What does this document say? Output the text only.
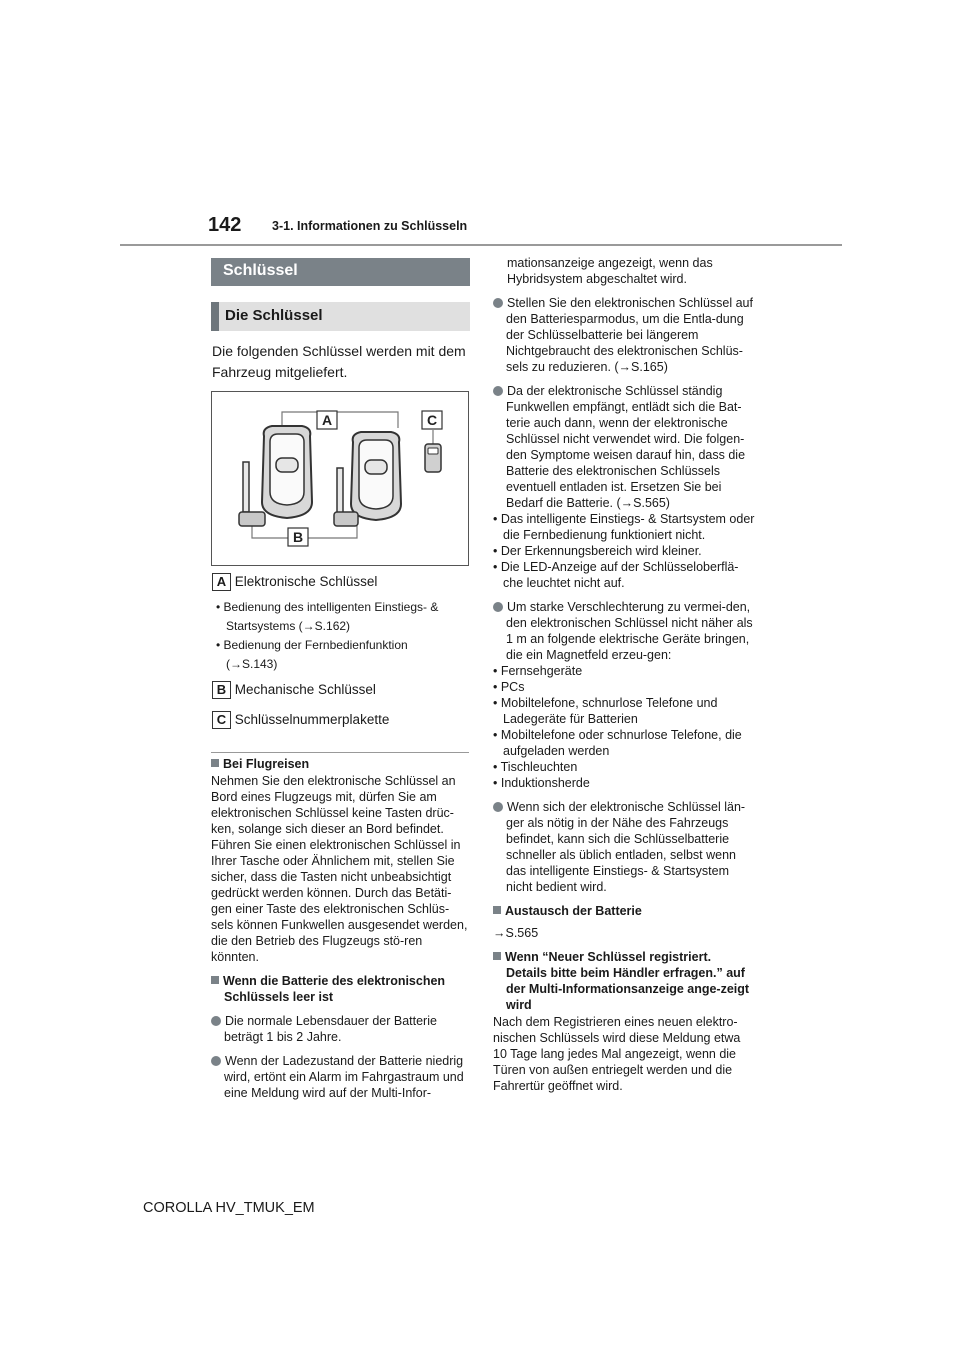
142 3-1. Informationen zu Schlüsseln
Schlüssel
Die Schlüssel
Die folgenden Schlüssel werden mit dem Fahrzeug mitgeliefert.
A	C
B
A Elektronische Schlüssel
• Bedienung des intelligenten Einstiegs- &
Startsystems (→S.162)
• Bedienung der Fernbedienfunktion
(→S.143)
B Mechanische Schlüssel
C Schlüsselnummerplakette
Bei Flugreisen
Nehmen Sie den elektronische Schlüssel an Bord eines Flugzeugs mit, dürfen Sie am elektronischen Schlüssel keine Tasten drüc-ken, solange sich dieser an Bord befindet. Führen Sie einen elektronischen Schlüssel in Ihrer Tasche oder Ähnlichem mit, stellen Sie sicher, dass die Tasten nicht unbeabsichtigt gedrückt werden können. Durch das Betäti-gen einer Taste des elektronischen Schlüs-sels können Funkwellen ausgesendet werden, die den Betrieb des Flugzeugs stö-ren könnten.
Wenn die Batterie des elektronischen Schlüssels leer ist
Die normale Lebensdauer der Batterie beträgt 1 bis 2 Jahre.
Wenn der Ladezustand der Batterie niedrig wird, ertönt ein Alarm im Fahrgastraum und eine Meldung wird auf der Multi-Infor-
mationsanzeige angezeigt, wenn das Hybridsystem abgeschaltet wird.
Stellen Sie den elektronischen Schlüssel auf den Batteriesparmodus, um die Entla-dung der Schlüsselbatterie bei längerem Nichtgebraucht des elektronischen Schlüs-sels zu reduzieren. (→S.165)
Da der elektronische Schlüssel ständig Funkwellen empfängt, entlädt sich die Bat-terie auch dann, wenn der elektronische Schlüssel nicht verwendet wird. Die folgen-den Symptome weisen darauf hin, dass die Batterie des elektronischen Schlüssels eventuell entladen ist. Ersetzen Sie bei Bedarf die Batterie. (→S.565)
• Das intelligente Einstiegs- & Startsystem oder die Fernbedienung funktioniert nicht.
• Der Erkennungsbereich wird kleiner.
• Die LED-Anzeige auf der Schlüsseloberflä-che leuchtet nicht auf.
Um starke Verschlechterung zu vermei-den, den elektronischen Schlüssel nicht näher als 1 m an folgende elektrische Geräte bringen, die ein Magnetfeld erzeu-gen:
• Fernsehgeräte
• PCs
• Mobiltelefone, schnurlose Telefone und Ladegeräte für Batterien
• Mobiltelefone oder schnurlose Telefone, die aufgeladen werden
• Tischleuchten
• Induktionsherde
Wenn sich der elektronische Schlüssel län-ger als nötig in der Nähe des Fahrzeugs befindet, kann sich die Schlüsselbatterie schneller als üblich entladen, selbst wenn das intelligente Einstiegs- & Startsystem nicht bedient wird.
Austausch der Batterie
→S.565
Wenn “Neuer Schlüssel registriert. Details bitte beim Händler erfragen.” auf der Multi-Informationsanzeige ange-zeigt wird
Nach dem Registrieren eines neuen elektro-nischen Schlüssels wird diese Meldung etwa 10 Tage lang jedes Mal angezeigt, wenn die Türen von außen entriegelt werden und die Fahrertür geöffnet wird.
COROLLA HV_TMUK_EM
